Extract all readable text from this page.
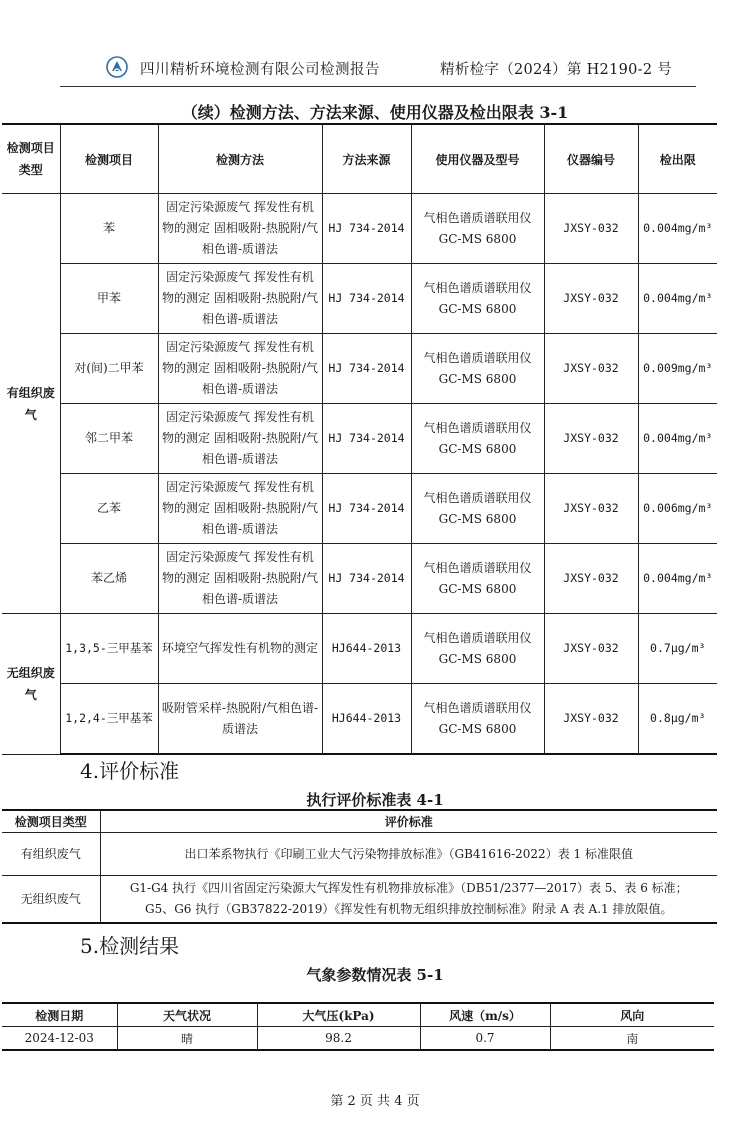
四川精析环境检测有限公司检测报告	精析检字（2024）第 H2190-2 号
（续）检测方法、方法来源、使用仪器及检出限表 3-1
检测项目类型	检测项目	检测方法	方法来源	使用仪器及型号	仪器编号	检出限
有组织废气	苯	固定污染源废气 挥发性有机物的测定 固相吸附-热脱附/气相色谱-质谱法	HJ 734-2014	气相色谱质谱联用仪 GC-MS 6800	JXSY-032	0.004mg/m³
	甲苯	固定污染源废气 挥发性有机物的测定 固相吸附-热脱附/气相色谱-质谱法	HJ 734-2014	气相色谱质谱联用仪 GC-MS 6800	JXSY-032	0.004mg/m³
	对(间)二甲苯	固定污染源废气 挥发性有机物的测定 固相吸附-热脱附/气相色谱-质谱法	HJ 734-2014	气相色谱质谱联用仪 GC-MS 6800	JXSY-032	0.009mg/m³
	邻二甲苯	固定污染源废气 挥发性有机物的测定 固相吸附-热脱附/气相色谱-质谱法	HJ 734-2014	气相色谱质谱联用仪 GC-MS 6800	JXSY-032	0.004mg/m³
	乙苯	固定污染源废气 挥发性有机物的测定 固相吸附-热脱附/气相色谱-质谱法	HJ 734-2014	气相色谱质谱联用仪 GC-MS 6800	JXSY-032	0.006mg/m³
	苯乙烯	固定污染源废气 挥发性有机物的测定 固相吸附-热脱附/气相色谱-质谱法	HJ 734-2014	气相色谱质谱联用仪 GC-MS 6800	JXSY-032	0.004mg/m³
无组织废气	1,3,5-三甲基苯	环境空气挥发性有机物的测定	HJ644-2013	气相色谱质谱联用仪 GC-MS 6800	JXSY-032	0.7μg/m³
	1,2,4-三甲基苯	吸附管采样-热脱附/气相色谱-质谱法	HJ644-2013	气相色谱质谱联用仪 GC-MS 6800	JXSY-032	0.8μg/m³
4.评价标准
执行评价标准表 4-1
检测项目类型	评价标准
有组织废气	出口苯系物执行《印刷工业大气污染物排放标准》（GB41616-2022）表 1 标准限值
无组织废气	G1-G4 执行《四川省固定污染源大气挥发性有机物排放标准》（DB51/2377—2017）表 5、表 6 标准；
G5、G6 执行（GB37822-2019）《挥发性有机物无组织排放控制标准》附录 A 表 A.1 排放限值。
5.检测结果
气象参数情况表 5-1
检测日期	天气状况	大气压(kPa)	风速（m/s）	风向
2024-12-03	晴	98.2	0.7	南
第 2 页 共 4 页
